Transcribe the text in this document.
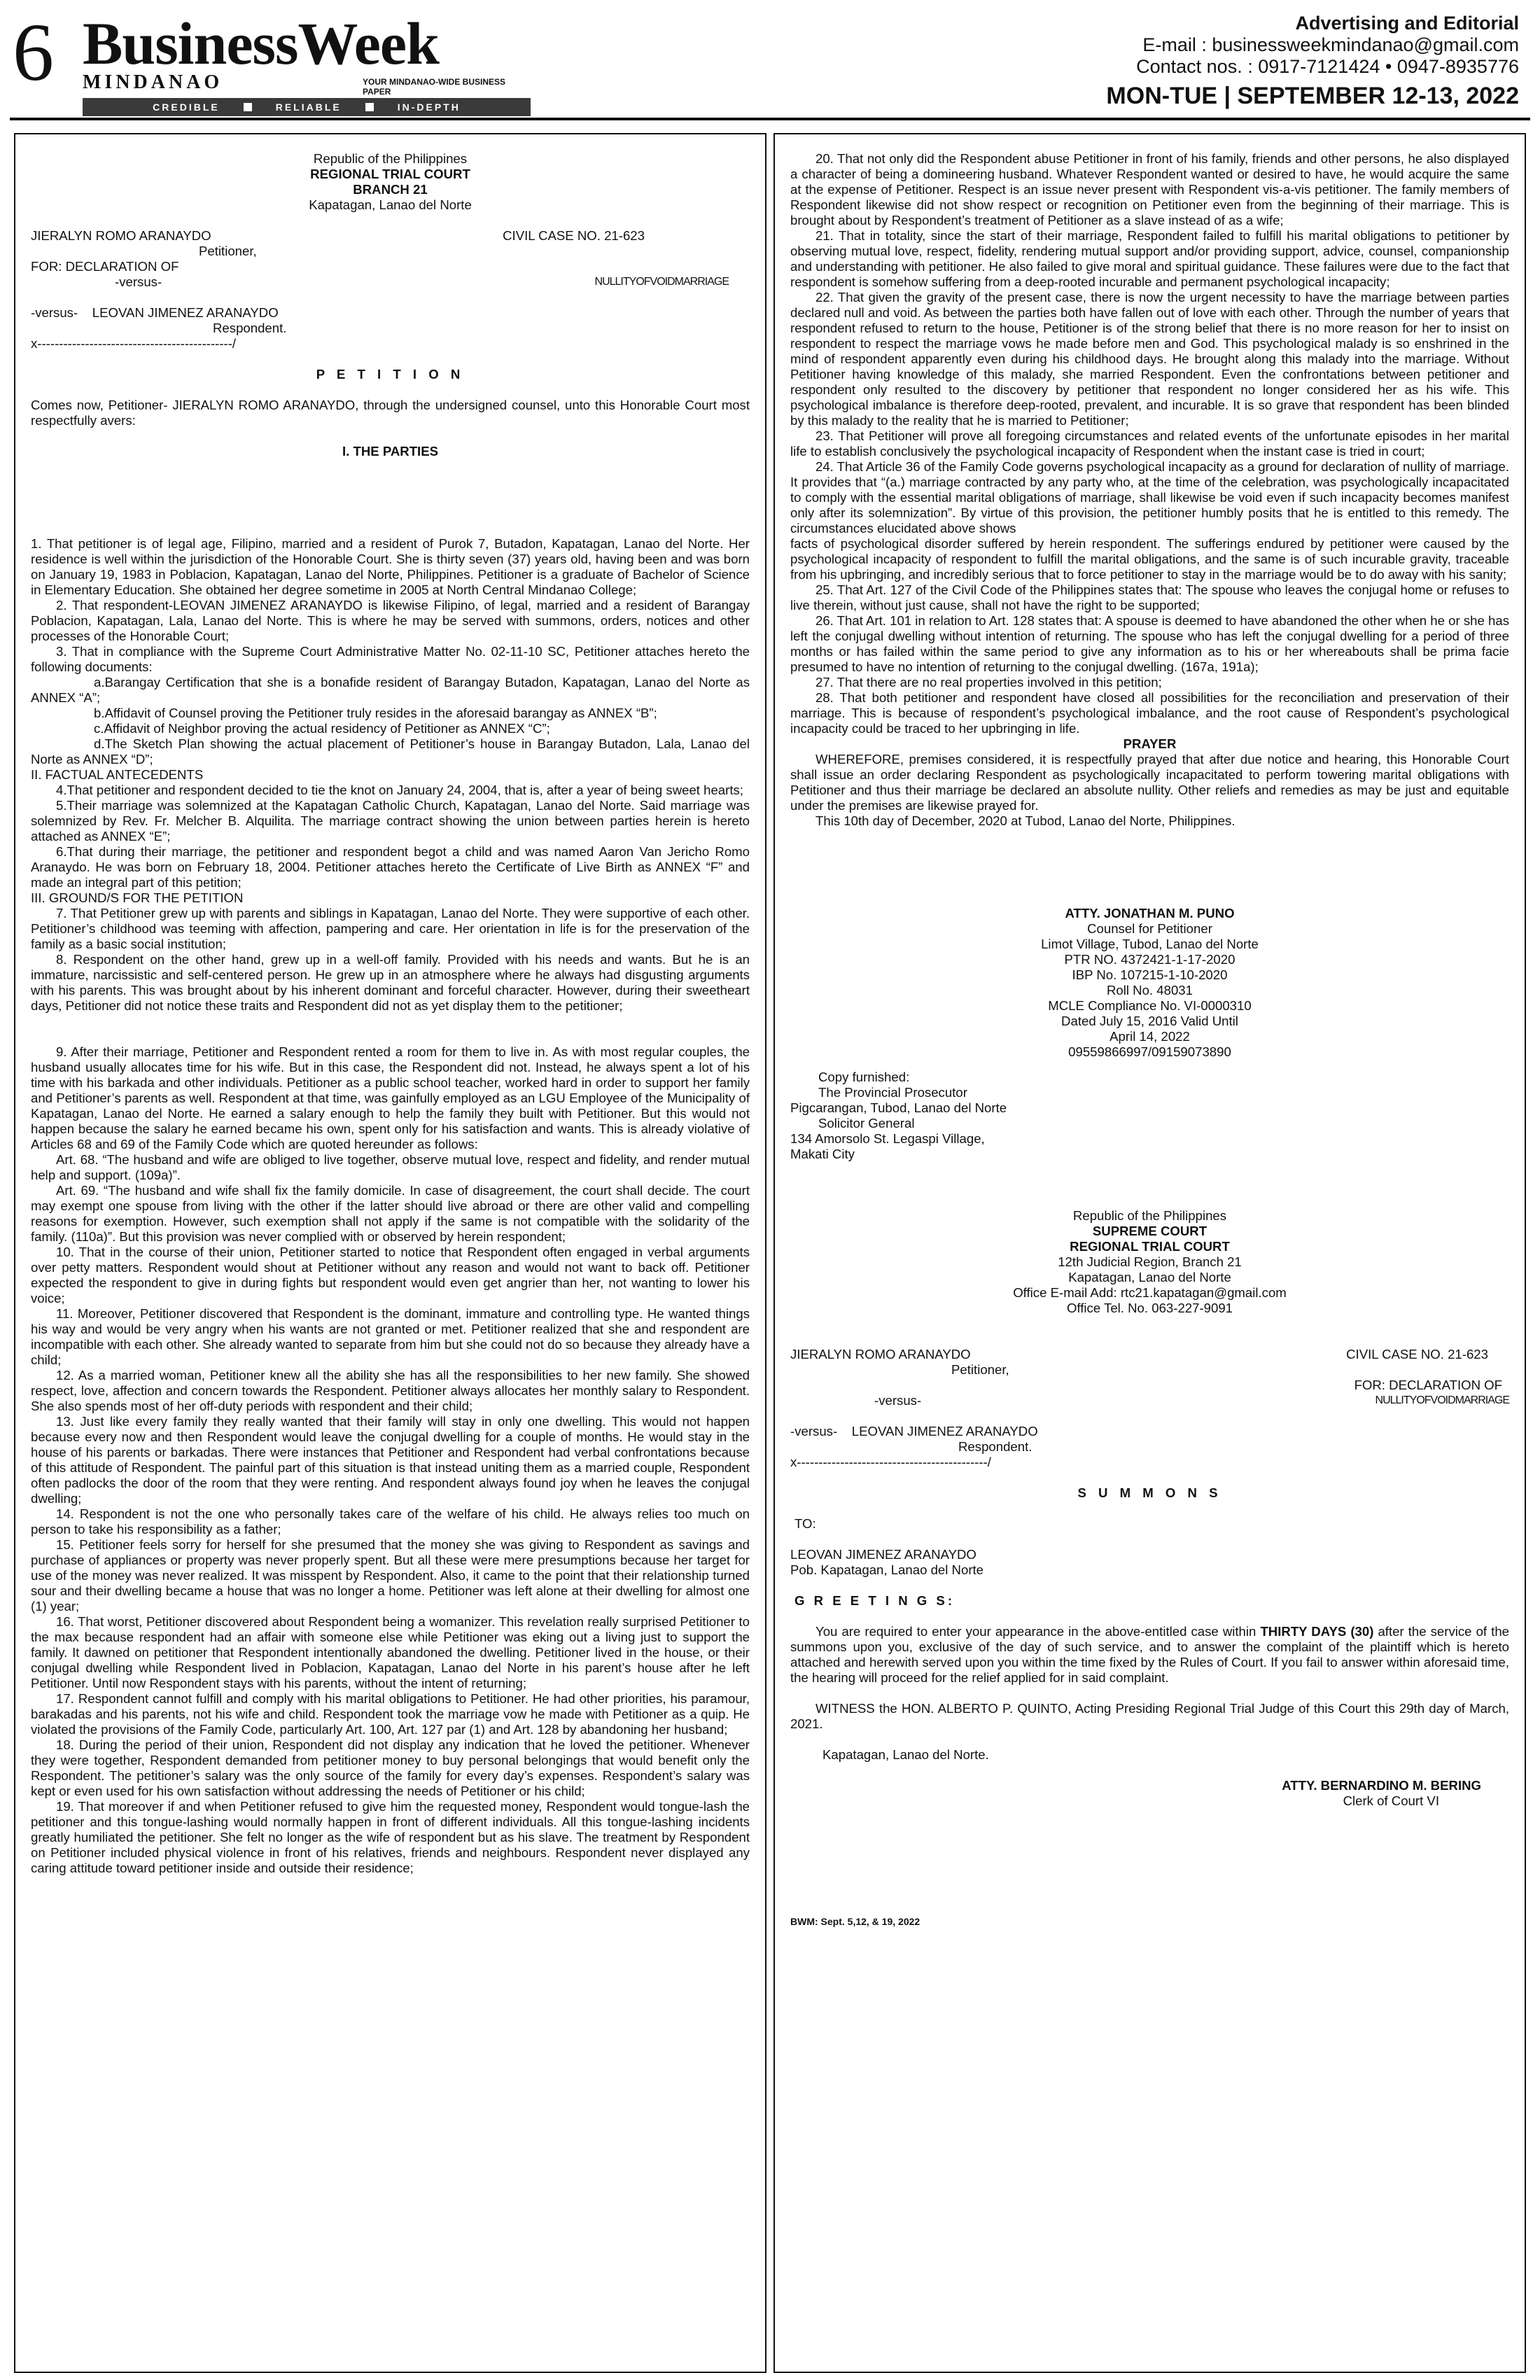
6 BusinessWeek
MINDANAO	YOUR MINDANAO-WIDE BUSINESS PAPER
CREDIBLE	RELIABLE	IN-DEPTH
Advertising and Editorial
E-mail : businessweekmindanao@gmail.com
Contact nos. : 0917-7121424 • 0947-8935776
MON-TUE | SEPTEMBER 12-13, 2022

Republic of the Philippines

REGIONAL TRIAL COURT

BRANCH 21

Kapatagan, Lanao del Norte

JIERALYN ROMO ARANAYDO	CIVIL CASE NO. 21-623

Petitioner,

FOR: DECLARATION OF

-versus-	NULLITYOFVOIDMARRIAGE

-versus-    LEOVAN JIMENEZ ARANAYDO

Respondent.

x---------------------------------------------/

P E T I T I O N

Comes now, Petitioner- JIERALYN ROMO ARANAYDO, through the undersigned counsel, unto this Honorable Court most respectfully avers:

I. THE PARTIES

1. That petitioner is of legal age, Filipino, married and a resident of Purok 7, Butadon, Kapatagan, Lanao del Norte. Her residence is well within the jurisdiction of the Honorable Court. She is thirty seven (37) years old, having been and was born on January 19, 1983 in Poblacion, Kapatagan, Lanao del Norte, Philippines. Petitioner is a graduate of Bachelor of Science in Elementary Education. She obtained her degree sometime in 2005 at North Central Mindanao College;

2. That respondent-LEOVAN JIMENEZ ARANAYDO is likewise Filipino, of legal, married and a resident of Barangay Poblacion, Kapatagan, Lala, Lanao del Norte. This is where he may be served with summons, orders, notices and other processes of the Honorable Court;

3. That in compliance with the Supreme Court Administrative Matter No. 02-11-10 SC, Petitioner attaches hereto the following documents:

a.Barangay Certification that she is a bonafide resident of Barangay Butadon, Kapatagan, Lanao del Norte as ANNEX “A”;

b.Affidavit of Counsel proving the Petitioner truly resides in the aforesaid barangay as ANNEX “B”;

c.Affidavit of Neighbor proving the actual residency of Petitioner as ANNEX “C”;

d.The Sketch Plan showing the actual placement of Petitioner’s house in Barangay Butadon, Lala, Lanao del Norte as ANNEX “D”;

II. FACTUAL ANTECEDENTS

4.That petitioner and respondent decided to tie the knot on January 24, 2004, that is, after a year of being sweet hearts;

5.Their marriage was solemnized at the Kapatagan Catholic Church, Kapatagan, Lanao del Norte. Said marriage was solemnized by Rev. Fr. Melcher B. Alquilita. The marriage contract showing the union between parties herein is hereto attached as ANNEX “E”;

6.That during their marriage, the petitioner and respondent begot a child and was named Aaron Van Jericho Romo Aranaydo. He was born on February 18, 2004. Petitioner attaches hereto the Certificate of Live Birth as ANNEX “F” and made an integral part of this petition;

III. GROUND/S FOR THE PETITION

7. That Petitioner grew up with parents and siblings in Kapatagan, Lanao del Norte. They were supportive of each other. Petitioner’s childhood was teeming with affection, pampering and care. Her orientation in life is for the preservation of the family as a basic social institution;

8. Respondent on the other hand, grew up in a well-off family. Provided with his needs and wants. But he is an immature, narcissistic and self-centered person. He grew up in an atmosphere where he always had disgusting arguments with his parents. This was brought about by his inherent dominant and forceful character. However, during their sweetheart days, Petitioner did not notice these traits and Respondent did not as yet display them to the petitioner;

9. After their marriage, Petitioner and Respondent rented a room for them to live in. As with most regular couples, the husband usually allocates time for his wife. But in this case, the Respondent did not. Instead, he always spent a lot of his time with his barkada and other individuals. Petitioner as a public school teacher, worked hard in order to support her family and Petitioner’s parents as well. Respondent at that time, was gainfully employed as an LGU Employee of the Municipality of Kapatagan, Lanao del Norte. He earned a salary enough to help the family they built with Petitioner. But this would not happen because the salary he earned became his own, spent only for his satisfaction and wants. This is already violative of Articles 68 and 69 of the Family Code which are quoted hereunder as follows:

Art. 68. “The husband and wife are obliged to live together, observe mutual love, respect and fidelity, and render mutual help and support. (109a)”.

Art. 69. “The husband and wife shall fix the family domicile. In case of disagreement, the court shall decide. The court may exempt one spouse from living with the other if the latter should live abroad or there are other valid and compelling reasons for exemption. However, such exemption shall not apply if the same is not compatible with the solidarity of the family. (110a)”. But this provision was never complied with or observed by herein respondent;

10. That in the course of their union, Petitioner started to notice that Respondent often engaged in verbal arguments over petty matters. Respondent would shout at Petitioner without any reason and would not want to back off. Petitioner expected the respondent to give in during fights but respondent would even get angrier than her, not wanting to lower his voice;

11. Moreover, Petitioner discovered that Respondent is the dominant, immature and controlling type. He wanted things his way and would be very angry when his wants are not granted or met. Petitioner realized that she and respondent are incompatible with each other. She already wanted to separate from him but she could not do so because they already have a child;

12. As a married woman, Petitioner knew all the ability she has all the responsibilities to her new family. She showed respect, love, affection and concern towards the Respondent. Petitioner always allocates her monthly salary to Respondent. She also spends most of her off-duty periods with respondent and their child;

13. Just like every family they really wanted that their family will stay in only one dwelling. This would not happen because every now and then Respondent would leave the conjugal dwelling for a couple of months. He would stay in the house of his parents or barkadas. There were instances that Petitioner and Respondent had verbal confrontations because of this attitude of Respondent. The painful part of this situation is that instead uniting them as a married couple, Respondent often padlocks the door of the room that they were renting. And respondent always found joy when he leaves the conjugal dwelling;

14. Respondent is not the one who personally takes care of the welfare of his child. He always relies too much on person to take his responsibility as a father;

15. Petitioner feels sorry for herself for she presumed that the money she was giving to Respondent as savings and purchase of appliances or property was never properly spent. But all these were mere presumptions because her target for use of the money was never realized. It was misspent by Respondent. Also, it came to the point that their relationship turned sour and their dwelling became a house that was no longer a home. Petitioner was left alone at their dwelling for almost one (1) year;

16. That worst, Petitioner discovered about Respondent being a womanizer. This revelation really surprised Petitioner to the max because respondent had an affair with someone else while Petitioner was eking out a living just to support the family. It dawned on petitioner that Respondent intentionally abandoned the dwelling. Petitioner lived in the house, or their conjugal dwelling while Respondent lived in Poblacion, Kapatagan, Lanao del Norte in his parent’s house after he left Petitioner. Until now Respondent stays with his parents, without the intent of returning;

17. Respondent cannot fulfill and comply with his marital obligations to Petitioner. He had other priorities, his paramour, barakadas and his parents, not his wife and child. Respondent took the marriage vow he made with Petitioner as a quip. He violated the provisions of the Family Code, particularly Art. 100, Art. 127 par (1) and Art. 128 by abandoning her husband;

18. During the period of their union, Respondent did not display any indication that he loved the petitioner. Whenever they were together, Respondent demanded from petitioner money to buy personal belongings that would benefit only the Respondent. The petitioner’s salary was the only source of the family for every day’s expenses. Respondent’s salary was kept or even used for his own satisfaction without addressing the needs of Petitioner or his child;

19. That moreover if and when Petitioner refused to give him the requested money, Respondent would tongue-lash the petitioner and this tongue-lashing would normally happen in front of different individuals. All this tongue-lashing incidents greatly humiliated the petitioner. She felt no longer as the wife of respondent but as his slave. The treatment by Respondent on Petitioner included physical violence in front of his relatives, friends and neighbours. Respondent never displayed any caring attitude toward petitioner inside and outside their residence;

20. That not only did the Respondent abuse Petitioner in front of his family, friends and other persons, he also displayed a character of being a domineering husband. Whatever Respondent wanted or desired to have, he would acquire the same at the expense of Petitioner. Respect is an issue never present with Respondent vis-a-vis petitioner. The family members of Respondent likewise did not show respect or recognition on Petitioner even from the beginning of their marriage. This is brought about by Respondent’s treatment of Petitioner as a slave instead of as a wife;

21. That in totality, since the start of their marriage, Respondent failed to fulfill his marital obligations to petitioner by observing mutual love, respect, fidelity, rendering mutual support and/or providing support, advice, counsel, companionship and understanding with petitioner. He also failed to give moral and spiritual guidance. These failures were due to the fact that respondent is somehow suffering from a deep-rooted incurable and permanent psychological incapacity;

22. That given the gravity of the present case, there is now the urgent necessity to have the marriage between parties declared null and void. As between the parties both have fallen out of love with each other. Through the number of years that respondent refused to return to the house, Petitioner is of the strong belief that there is no more reason for her to insist on respondent to respect the marriage vows he made before men and God. This psychological malady is so enshrined in the mind of respondent apparently even during his childhood days. He brought along this malady into the marriage. Without Petitioner having knowledge of this malady, she married Respondent. Even the confrontations between petitioner and respondent only resulted to the discovery by petitioner that respondent no longer considered her as his wife. This psychological imbalance is therefore deep-rooted, prevalent, and incurable. It is so grave that respondent has been blinded by this malady to the reality that he is married to Petitioner;

23. That Petitioner will prove all foregoing circumstances and related events of the unfortunate episodes in her marital life to establish conclusively the psychological incapacity of Respondent when the instant case is tried in court;

24. That Article 36 of the Family Code governs psychological incapacity as a ground for declaration of nullity of marriage. It provides that “(a.) marriage contracted by any party who, at the time of the celebration, was psychologically incapacitated to comply with the essential marital obligations of marriage, shall likewise be void even if such incapacity becomes manifest only after its solemnization”. By virtue of this provision, the petitioner humbly posits that he is entitled to this remedy. The circumstances elucidated above shows

facts of psychological disorder suffered by herein respondent. The sufferings endured by petitioner were caused by the psychological incapacity of respondent to fulfill the marital obligations, and the same is of such incurable gravity, traceable from his upbringing, and incredibly serious that to force petitioner to stay in the marriage would be to do away with his sanity;

25. That Art. 127 of the Civil Code of the Philippines states that: The spouse who leaves the conjugal home or refuses to live therein, without just cause, shall not have the right to be supported;

26. That Art. 101 in relation to Art. 128 states that: A spouse is deemed to have abandoned the other when he or she has left the conjugal dwelling without intention of returning. The spouse who has left the conjugal dwelling for a period of three months or has failed within the same period to give any information as to his or her whereabouts shall be prima facie presumed to have no intention of returning to the conjugal dwelling. (167a, 191a);

27. That there are no real properties involved in this petition;

28. That both petitioner and respondent have closed all possibilities for the reconciliation and preservation of their marriage. This is because of respondent’s psychological imbalance, and the root cause of Respondent’s psychological incapacity could be traced to her upbringing in life.

PRAYER

WHEREFORE, premises considered, it is respectfully prayed that after due notice and hearing, this Honorable Court shall issue an order declaring Respondent as psychologically incapacitated to perform towering marital obligations with Petitioner and thus their marriage be declared an absolute nullity. Other reliefs and remedies as may be just and equitable under the premises are likewise prayed for.

This 10th day of December, 2020 at Tubod, Lanao del Norte, Philippines.

ATTY. JONATHAN M. PUNO

Counsel for Petitioner

Limot Village, Tubod, Lanao del Norte

PTR NO. 4372421-1-17-2020

IBP No. 107215-1-10-2020

Roll No. 48031

MCLE Compliance No. VI-0000310

Dated July 15, 2016 Valid Until

April 14, 2022

09559866997/09159073890

Copy furnished:

The Provincial Prosecutor

Pigcarangan, Tubod, Lanao del Norte

Solicitor General

134 Amorsolo St. Legaspi Village,

Makati City

Republic of the Philippines

SUPREME COURT

REGIONAL TRIAL COURT

12th Judicial Region, Branch 21

Kapatagan, Lanao del Norte

Office E-mail Add: rtc21.kapatagan@gmail.com

Office Tel. No. 063-227-9091

JIERALYN ROMO ARANAYDO	CIVIL CASE NO. 21-623
Petitioner,
FOR: DECLARATION OF
-versus-	NULLITYOFVOIDMARRIAGE

-versus-    LEOVAN JIMENEZ ARANAYDO

Respondent.

x--------------------------------------------/

S U M M O N S

TO:

LEOVAN JIMENEZ ARANAYDO

Pob. Kapatagan, Lanao del Norte

G R E E T I N G S:

You are required to enter your appearance in the above-entitled case within THIRTY DAYS (30) after the service of the summons upon you, exclusive of the day of such service, and to answer the complaint of the plaintiff which is hereto attached and herewith served upon you within the time fixed by the Rules of Court. If you fail to answer within aforesaid time, the hearing will proceed for the relief applied for in said complaint.

WITNESS the HON. ALBERTO P. QUINTO, Acting Presiding Regional Trial Judge of this Court this 29th day of March, 2021.

Kapatagan, Lanao del Norte.

ATTY. BERNARDINO M. BERING

Clerk of Court VI

BWM: Sept. 5,12, & 19, 2022
